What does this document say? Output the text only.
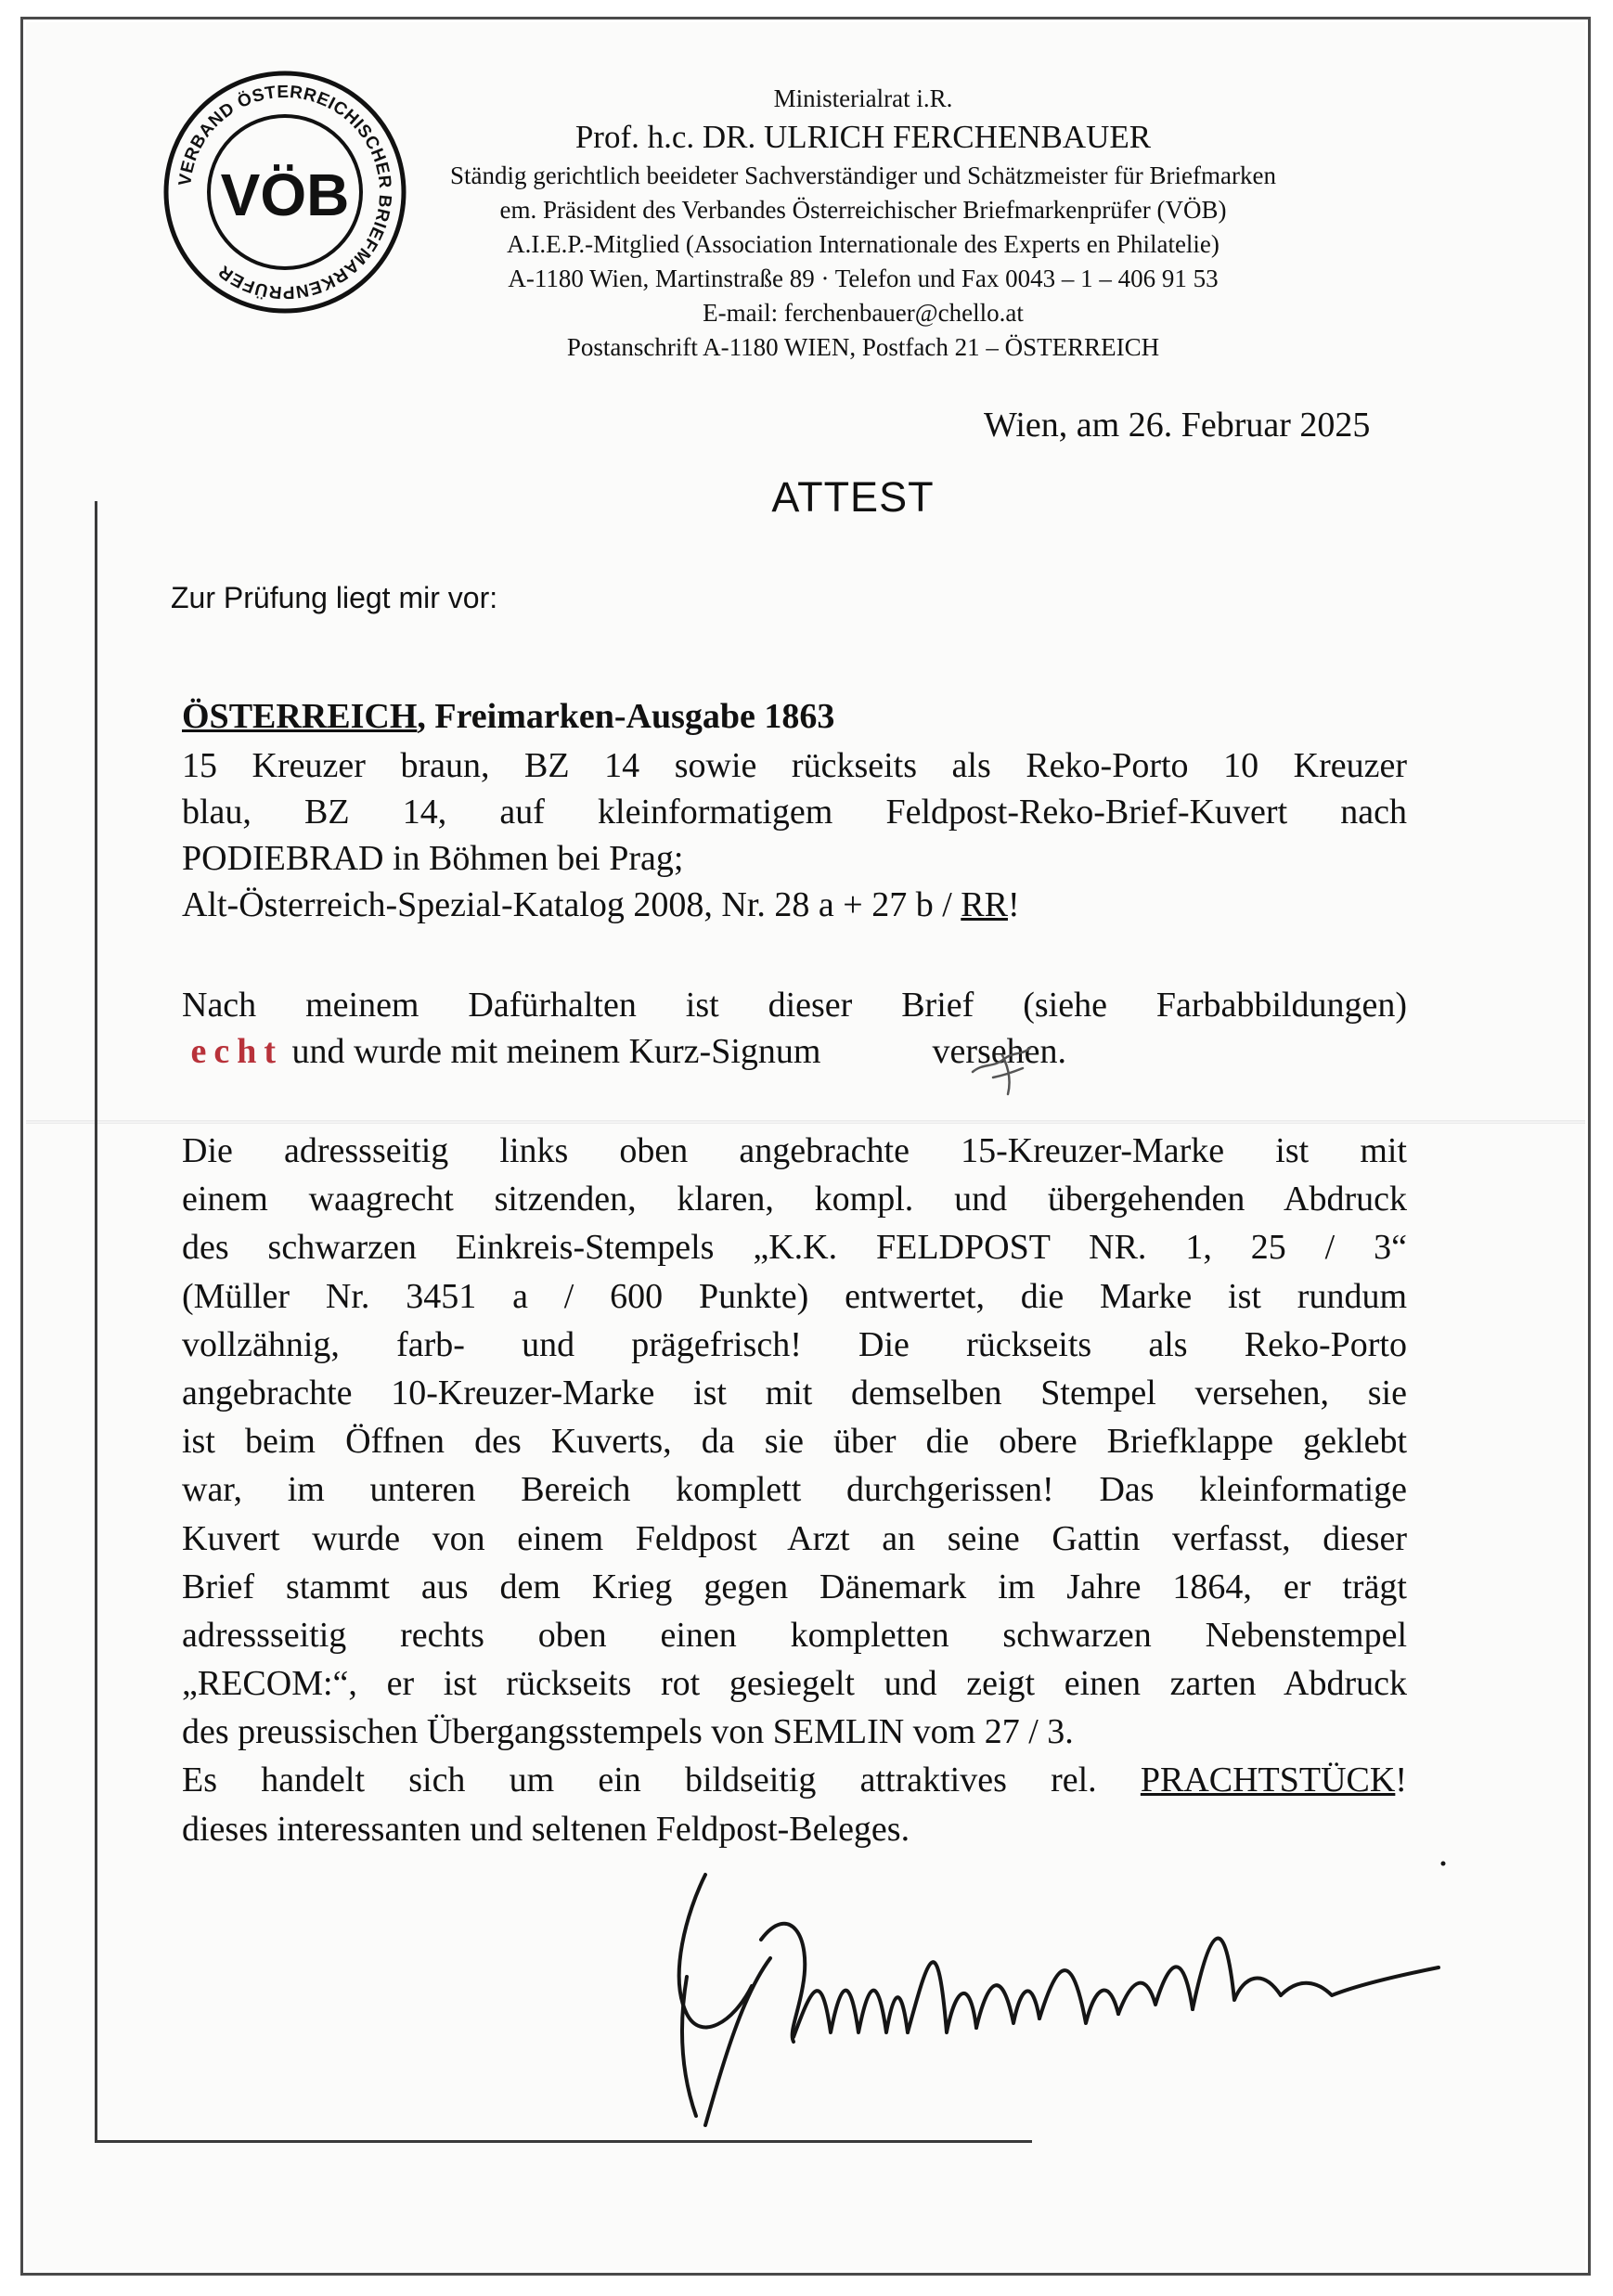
VERBAND ÖSTERREICHISCHER BRIEFMARKENPRÜFER
VÖB
Ministerialrat i.R.
Prof. h.c. DR. ULRICH FERCHENBAUER
Ständig gerichtlich beeideter Sachverständiger und Schätzmeister für Briefmarken
em. Präsident des Verbandes Österreichischer Briefmarkenprüfer (VÖB)
A.I.E.P.-Mitglied (Association Internationale des Experts en Philatelie)
A-1180 Wien, Martinstraße 89 · Telefon und Fax 0043 – 1 – 406 91 53
E-mail: ferchenbauer@chello.at
Postanschrift A-1180 WIEN, Postfach 21 – ÖSTERREICH
Wien, am 26. Februar 2025
ATTEST
Zur Prüfung liegt mir vor:
ÖSTERREICH, Freimarken-Ausgabe 1863
15 Kreuzer braun, BZ 14 sowie rückseits als Reko-Porto 10 Kreuzer
blau, BZ 14, auf kleinformatigem Feldpost-Reko-Brief-Kuvert nach
PODIEBRAD in Böhmen bei Prag;
Alt-Österreich-Spezial-Katalog 2008, Nr. 28 a + 27 b / RR!
Nach meinem Dafürhalten ist dieser Brief (siehe Farbabbildungen)
echt und wurde mit meinem Kurz-Signum	versehen.
Die adressseitig links oben angebrachte 15-Kreuzer-Marke ist mit
einem waagrecht sitzenden, klaren, kompl. und übergehenden Abdruck
des schwarzen Einkreis-Stempels „K.K. FELDPOST NR. 1, 25 / 3“
(Müller Nr. 3451 a / 600 Punkte) entwertet, die Marke ist rundum
vollzähnig, farb- und prägefrisch! Die rückseits als Reko-Porto
angebrachte 10-Kreuzer-Marke ist mit demselben Stempel versehen, sie
ist beim Öffnen des Kuverts, da sie über die obere Briefklappe geklebt
war, im unteren Bereich komplett durchgerissen! Das kleinformatige
Kuvert wurde von einem Feldpost Arzt an seine Gattin verfasst, dieser
Brief stammt aus dem Krieg gegen Dänemark im Jahre 1864, er trägt
adressseitig rechts oben einen kompletten schwarzen Nebenstempel
„RECOM:“, er ist rückseits rot gesiegelt und zeigt einen zarten Abdruck
des preussischen Übergangsstempels von SEMLIN vom 27 / 3.
Es handelt sich um ein bildseitig attraktives rel. PRACHTSTÜCK!
dieses interessanten und seltenen Feldpost-Beleges.
